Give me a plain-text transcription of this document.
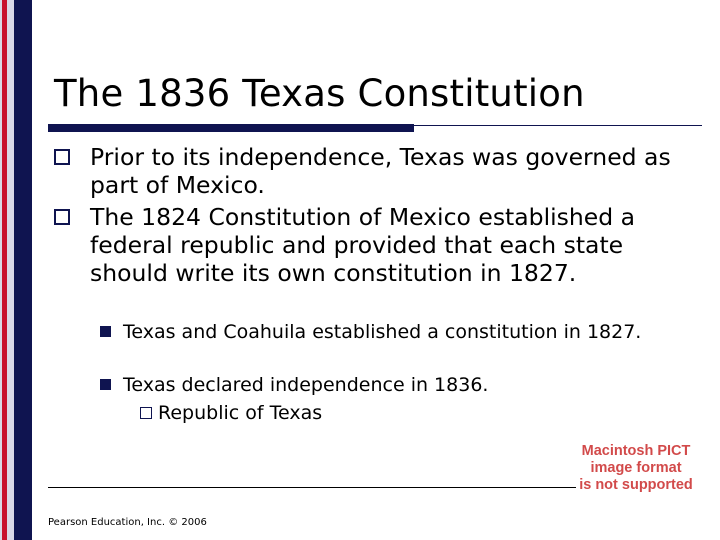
The 1836 Texas Constitution
Prior to its independence, Texas was governed as part of Mexico.
The 1824 Constitution of Mexico established a federal republic and provided that each state should write its own constitution in 1827.
Texas and Coahuila established a constitution in 1827.
Texas declared independence in 1836.
Republic of Texas
Macintosh PICT
image format
is not supported
Pearson Education, Inc. © 2006
